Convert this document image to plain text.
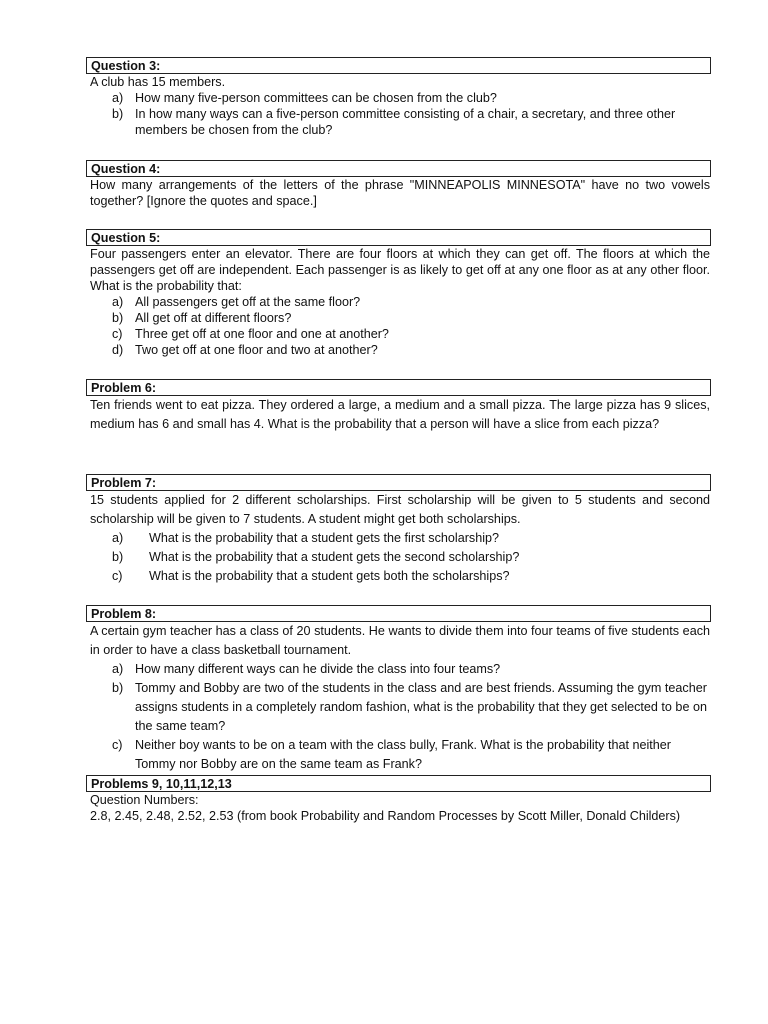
Question 3:

A club has 15 members.

a) How many five-person committees can be chosen from the club?
b) In how many ways can a five-person committee consisting of a chair, a secretary, and three other members be chosen from the club?
Question 4:

How many arrangements of the letters of the phrase "MINNEAPOLIS MINNESOTA" have no two vowels together? [Ignore the quotes and space.]

Question 5:

Four passengers enter an elevator. There are four floors at which they can get off. The floors at which the passengers get off are independent. Each passenger is as likely to get off at any one floor as at any other floor. What is the probability that:

a) All passengers get off at the same floor?
b) All get off at different floors?
c) Three get off at one floor and one at another?
d) Two get off at one floor and two at another?
Problem 6:

Ten friends went to eat pizza. They ordered a large, a medium and a small pizza. The large pizza has 9 slices, medium has 6 and small has 4. What is the probability that a person will have a slice from each pizza?

Problem 7:

15 students applied for 2 different scholarships. First scholarship will be given to 5 students and second scholarship will be given to 7 students. A student might get both scholarships.

a) What is the probability that a student gets the first scholarship?
b) What is the probability that a student gets the second scholarship?
c) What is the probability that a student gets both the scholarships?
Problem 8:

A certain gym teacher has a class of 20 students. He wants to divide them into four teams of five students each in order to have a class basketball tournament.

a) How many different ways can he divide the class into four teams?
b) Tommy and Bobby are two of the students in the class and are best friends. Assuming the gym teacher assigns students in a completely random fashion, what is the probability that they get selected to be on the same team?
c) Neither boy wants to be on a team with the class bully, Frank. What is the probability that neither Tommy nor Bobby are on the same team as Frank?
Problems 9, 10,11,12,13

Question Numbers:

2.8, 2.45, 2.48, 2.52, 2.53 (from book Probability and Random Processes by Scott Miller, Donald Childers)
